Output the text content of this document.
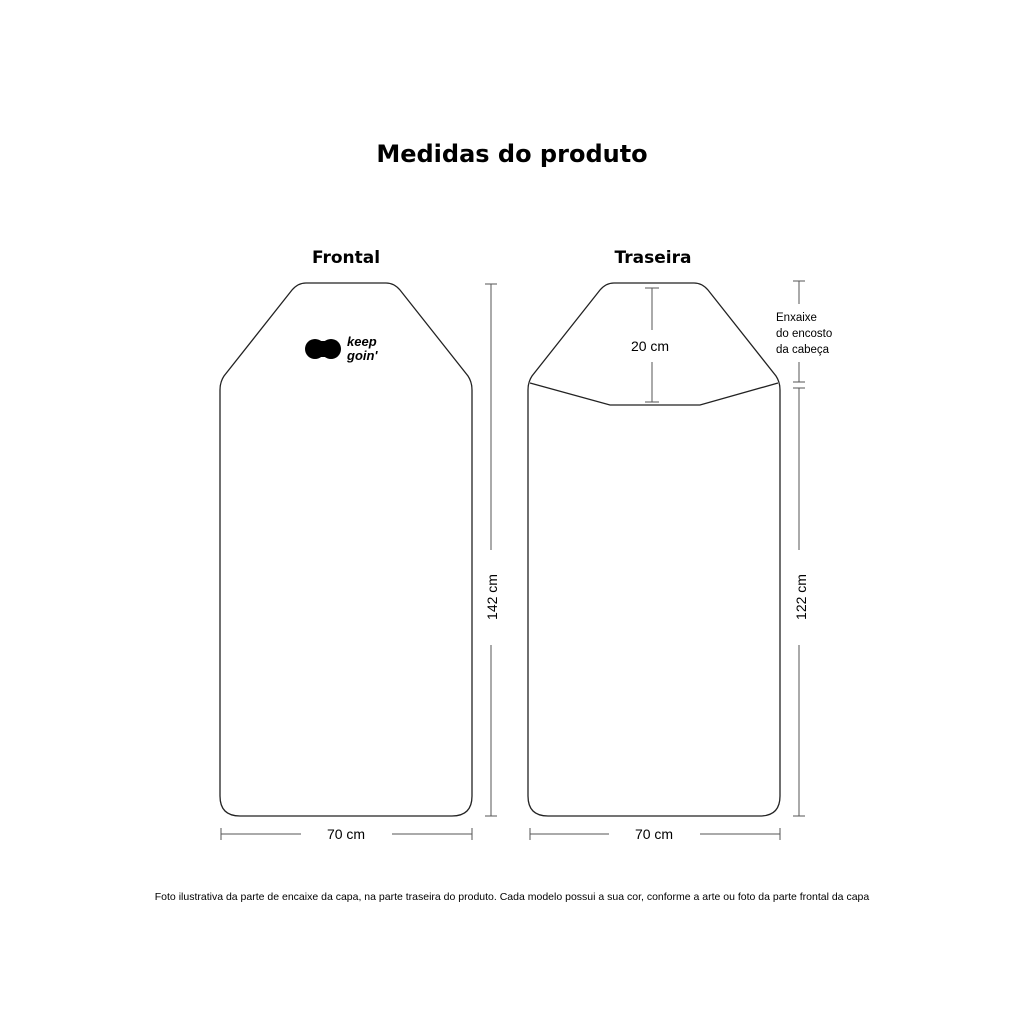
Medidas do produto
Frontal	Traseira
keep
goin'
142 cm
70 cm
20 cm
Enxaixe
do encosto
da cabeça
122 cm
70 cm
Foto ilustrativa da parte de encaixe da capa, na parte traseira do produto. Cada modelo possui a sua cor, conforme a arte ou foto da parte frontal da capa
